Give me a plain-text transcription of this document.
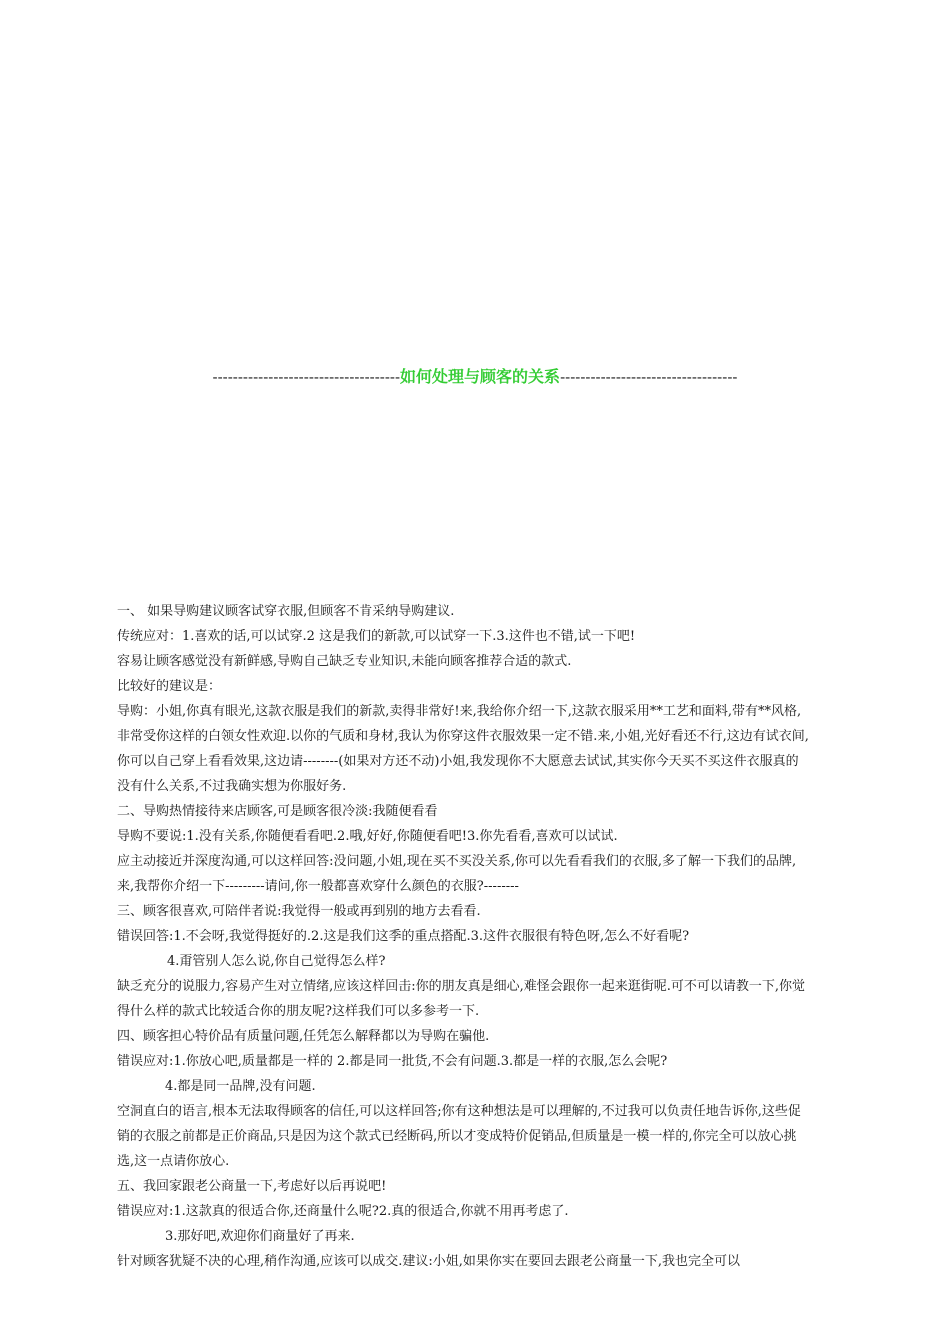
-------------------------------------如何处理与顾客的关系-----------------------------------

一、 如果导购建议顾客试穿衣服,但顾客不肯采纳导购建议.

传统应对：1.喜欢的话,可以试穿.2 这是我们的新款,可以试穿一下.3.这件也不错,试一下吧!

容易让顾客感觉没有新鲜感,导购自己缺乏专业知识,未能向顾客推荐合适的款式.

比较好的建议是：

导购：小姐,你真有眼光,这款衣服是我们的新款,卖得非常好!来,我给你介绍一下,这款衣服采用**工艺和面料,带有**风格,非常受你这样的白领女性欢迎.以你的气质和身材,我认为你穿这件衣服效果一定不错.来,小姐,光好看还不行,这边有试衣间,你可以自己穿上看看效果,这边请--------(如果对方还不动)小姐,我发现你不大愿意去试试,其实你今天买不买这件衣服真的没有什么关系,不过我确实想为你服好务.

二、导购热情接待来店顾客,可是顾客很冷淡:我随便看看

导购不要说:1.没有关系,你随便看看吧.2.哦,好好,你随便看吧!3.你先看看,喜欢可以试试.

应主动接近并深度沟通,可以这样回答:没问题,小姐,现在买不买没关系,你可以先看看我们的衣服,多了解一下我们的品牌,来,我帮你介绍一下---------请问,你一般都喜欢穿什么颜色的衣服?--------

三、顾客很喜欢,可陪伴者说:我觉得一般或再到别的地方去看看.

错误回答:1.不会呀,我觉得挺好的.2.这是我们这季的重点搭配.3.这件衣服很有特色呀,怎么不好看呢?

4.甭管别人怎么说,你自己觉得怎么样?

缺乏充分的说服力,容易产生对立情绪,应该这样回击:你的朋友真是细心,难怪会跟你一起来逛街呢.可不可以请教一下,你觉得什么样的款式比较适合你的朋友呢?这样我们可以多参考一下.

四、顾客担心特价品有质量问题,任凭怎么解释都以为导购在骗他.

错误应对:1.你放心吧,质量都是一样的 2.都是同一批货,不会有问题.3.都是一样的衣服,怎么会呢?

4.都是同一品牌,没有问题.

空洞直白的语言,根本无法取得顾客的信任,可以这样回答;你有这种想法是可以理解的,不过我可以负责任地告诉你,这些促销的衣服之前都是正价商品,只是因为这个款式已经断码,所以才变成特价促销品,但质量是一模一样的,你完全可以放心挑选,这一点请你放心.

五、我回家跟老公商量一下,考虑好以后再说吧!

错误应对:1.这款真的很适合你,还商量什么呢?2.真的很适合,你就不用再考虑了.

3.那好吧,欢迎你们商量好了再来.

针对顾客犹疑不决的心理,稍作沟通,应该可以成交.建议:小姐,如果你实在要回去跟老公商量一下,我也完全可以
